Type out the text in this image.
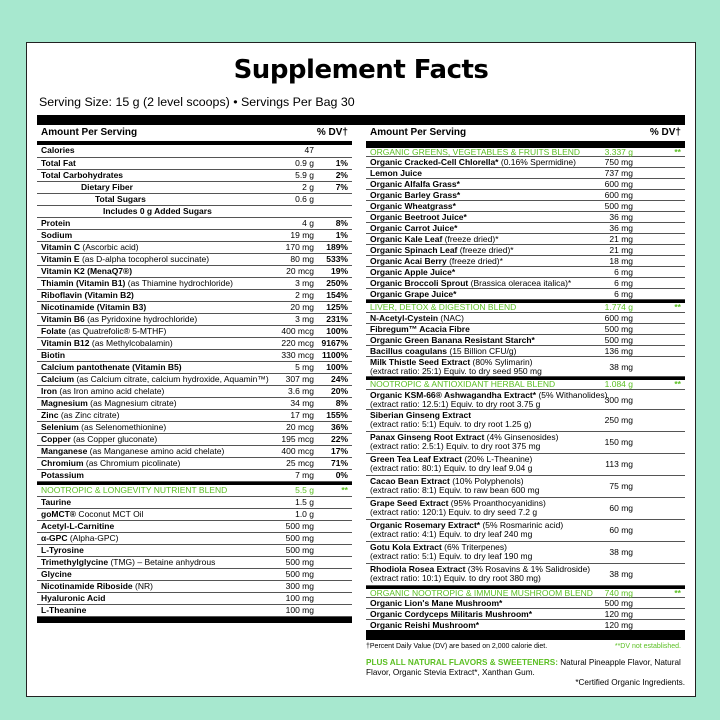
Supplement Facts
Serving Size: 15 g (2 level scoops) • Servings Per Bag 30
Amount Per Serving	% DV†
Calories	47
Total Fat	0.9 g	1%
Total Carbohydrates	5.9 g	2%
Dietary Fiber	2 g	7%
Total Sugars	0.6 g
Includes 0 g Added Sugars
Protein	4 g	8%
Sodium	19 mg	1%
Vitamin C (Ascorbic acid)	170 mg 189%
Vitamin E (as D-alpha tocopherol succinate)	80 mg 533%
Vitamin K2 (MenaQ7®)	20 mcg 19%
Thiamin (Vitamin B1) (as Thiamine hydrochloride)	3 mg 250%
Riboflavin (Vitamin B2)	2 mg 154%
Nicotinamide (Vitamin B3)	20 mg 125%
Vitamin B6 (as Pyridoxine hydrochloride)	3 mg 231%
Folate (as Quatrefolic® 5-MTHF)	400 mcg 100%
Vitamin B12 (as Methylcobalamin)	220 mcg 9167%
Biotin	330 mcg 1100%
Calcium pantothenate (Vitamin B5)	5 mg 100%
Calcium (as Calcium citrate, calcium hydroxide, Aquamin™) 307 mg 24%
Iron (as Iron amino acid chelate)	3.6 mg 20%
Magnesium (as Magnesium citrate)	34 mg	8%
Zinc (as Zinc citrate)	17 mg 155%
Selenium (as Selenomethionine)	20 mcg 36%
Copper (as Copper gluconate)	195 mcg 22%
Manganese (as Manganese amino acid chelate)	400 mcg 17%
Chromium (as Chromium picolinate)	25 mcg 71%
Potassium	7 mg	0%
NOOTROPIC & LONGEVITY NUTRIENT BLEND	5.5 g	**
Taurine	1.5 g
goMCT® Coconut MCT Oil	1.0 g
Acetyl-L-Carnitine	500 mg
α-GPC (Alpha-GPC)	500 mg
L-Tyrosine	500 mg
Trimethylglycine (TMG) – Betaine anhydrous	500 mg
Glycine	500 mg
Nicotinamide Riboside (NR)	300 mg
Hyaluronic Acid	100 mg
L-Theanine	100 mg
Amount Per Serving	% DV†
ORGANIC GREENS, VEGETABLES & FRUITS BLEND	3.337 g	**
Organic Cracked-Cell Chlorella* (0.16% Spermidine)	750 mg
Lemon Juice	737 mg
Organic Alfalfa Grass*	600 mg
Organic Barley Grass*	600 mg
Organic Wheatgrass*	500 mg
Organic Beetroot Juice*	36 mg
Organic Carrot Juice*	36 mg
Organic Kale Leaf (freeze dried)*	21 mg
Organic Spinach Leaf (freeze dried)*	21 mg
Organic Acai Berry (freeze dried)*	18 mg
Organic Apple Juice*	6 mg
Organic Broccoli Sprout (Brassica oleracea italica)*	6 mg
Organic Grape Juice*	6 mg
LIVER, DETOX & DIGESTION BLEND	1.774 g	**
N-Acetyl-Cystein (NAC)	600 mg
Fibregum™ Acacia Fibre	500 mg
Organic Green Banana Resistant Starch*	500 mg
Bacillus coagulans (15 Billion CFU/g)	136 mg
Milk Thistle Seed Extract (80% Sylimarin)
(extract ratio: 25:1) Equiv. to dry seed 950 mg	38 mg
NOOTROPIC & ANTIOXIDANT HERBAL BLEND	1.084 g	**
Organic KSM-66® Ashwagandha Extract* (5% Withanolides)
(extract ratio: 12.5:1) Equiv. to dry root 3.75 g	300 mg
Siberian Ginseng Extract
(extract ratio: 5:1) Equiv. to dry root 1.25 g)	250 mg
Panax Ginseng Root Extract (4% Ginsenosides)
(extract ratio: 2.5:1) Equiv. to dry root 375 mg	150 mg
Green Tea Leaf Extract (20% L-Theanine)
(extract ratio: 80:1) Equiv. to dry leaf 9.04 g	113 mg
Cacao Bean Extract (10% Polyphenols)
(extract ratio: 8:1) Equiv. to raw bean 600 mg	75 mg
Grape Seed Extract (95% Proanthocyanidins)
(extract ratio: 120:1) Equiv. to dry seed 7.2 g	60 mg
Organic Rosemary Extract* (5% Rosmarinic acid)
(extract ratio: 4:1) Equiv. to dry leaf 240 mg	60 mg
Gotu Kola Extract (6% Triterpenes)
(extract ratio: 5:1) Equiv. to dry leaf 190 mg	38 mg
Rhodiola Rosea Extract (3% Rosavins & 1% Salidroside)
(extract ratio: 10:1) Equiv. to dry root 380 mg)	38 mg
ORGANIC NOOTROPIC & IMMUNE MUSHROOM BLEND 740 mg	**
Organic Lion's Mane Mushroom*	500 mg
Organic Cordyceps Militaris Mushroom*	120 mg
Organic Reishi Mushroom*	120 mg
†Percent Daily Value (DV) are based on 2,000 calorie diet.	**DV not established.
PLUS ALL NATURAL FLAVORS & SWEETENERS: Natural Pineapple Flavor, Natural Flavor, Organic Stevia Extract*, Xanthan Gum.
*Certified Organic Ingredients.
